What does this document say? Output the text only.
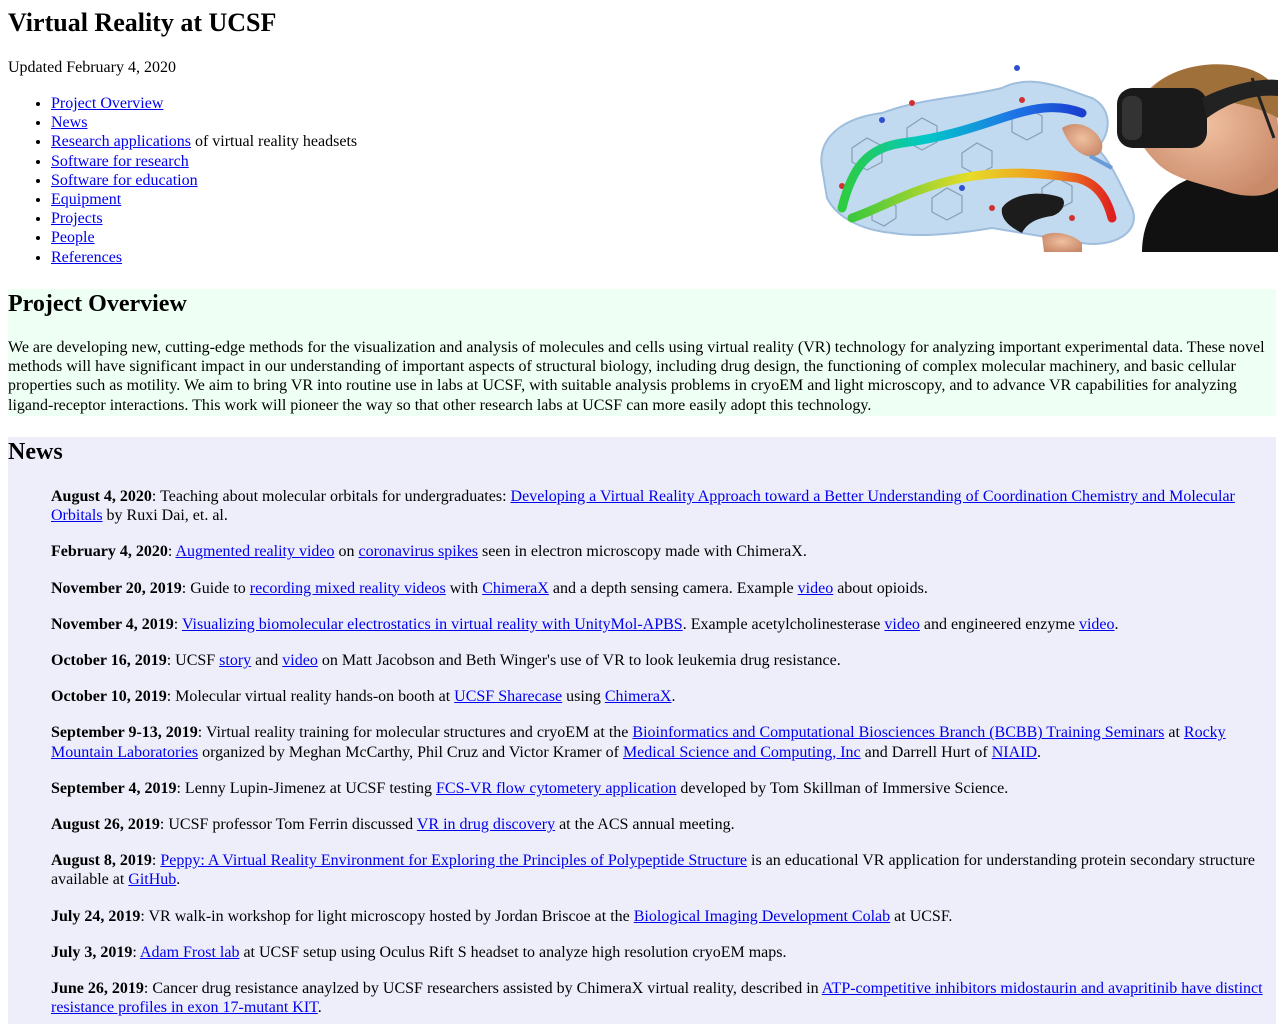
Virtual Reality at UCSF

Updated February 4, 2020

• Project Overview
• News
• Research applications of virtual reality headsets
• Software for research
• Software for education
• Equipment
• Projects
• People
• References
Project Overview

We are developing new, cutting-edge methods for the visualization and analysis of molecules and cells using virtual reality (VR) technology for analyzing important experimental data. These novel methods will have significant impact in our understanding of important aspects of structural biology, including drug design, the functioning of complex molecular machinery, and basic cellular properties such as motility. We aim to bring VR into routine use in labs at UCSF, with suitable analysis problems in cryoEM and light microscopy, and to advance VR capabilities for analyzing ligand-receptor interactions. This work will pioneer the way so that other research labs at UCSF can more easily adopt this technology.

News

August 4, 2020: Teaching about molecular orbitals for undergraduates: Developing a Virtual Reality Approach toward a Better Understanding of Coordination Chemistry and Molecular Orbitals by Ruxi Dai, et. al.

February 4, 2020: Augmented reality video on coronavirus spikes seen in electron microscopy made with ChimeraX.

November 20, 2019: Guide to recording mixed reality videos with ChimeraX and a depth sensing camera. Example video about opioids.

November 4, 2019: Visualizing biomolecular electrostatics in virtual reality with UnityMol-APBS. Example acetylcholinesterase video and engineered enzyme video.

October 16, 2019: UCSF story and video on Matt Jacobson and Beth Winger's use of VR to look leukemia drug resistance.

October 10, 2019: Molecular virtual reality hands-on booth at UCSF Sharecase using ChimeraX.

September 9-13, 2019: Virtual reality training for molecular structures and cryoEM at the Bioinformatics and Computational Biosciences Branch (BCBB) Training Seminars at Rocky Mountain Laboratories organized by Meghan McCarthy, Phil Cruz and Victor Kramer of Medical Science and Computing, Inc and Darrell Hurt of NIAID.

September 4, 2019: Lenny Lupin-Jimenez at UCSF testing FCS-VR flow cytometery application developed by Tom Skillman of Immersive Science.

August 26, 2019: UCSF professor Tom Ferrin discussed VR in drug discovery at the ACS annual meeting.

August 8, 2019: Peppy: A Virtual Reality Environment for Exploring the Principles of Polypeptide Structure is an educational VR application for understanding protein secondary structure available at GitHub.

July 24, 2019: VR walk-in workshop for light microscopy hosted by Jordan Briscoe at the Biological Imaging Development Colab at UCSF.

July 3, 2019: Adam Frost lab at UCSF setup using Oculus Rift S headset to analyze high resolution cryoEM maps.

June 26, 2019: Cancer drug resistance anaylzed by UCSF researchers assisted by ChimeraX virtual reality, described in ATP-competitive inhibitors midostaurin and avapritinib have distinct resistance profiles in exon 17-mutant KIT.
